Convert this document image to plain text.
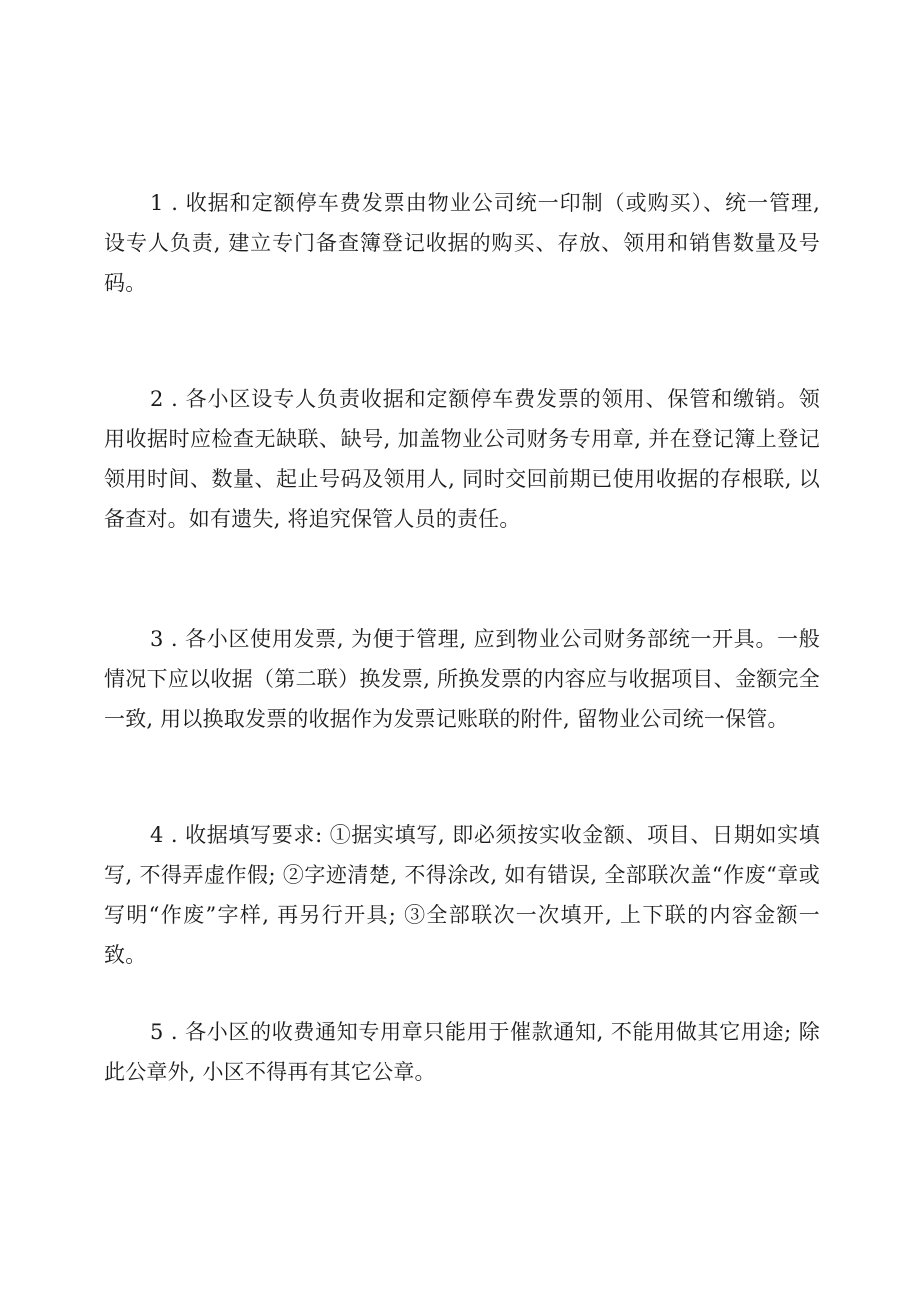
1 . 收据和定额停车费发票由物业公司统一印制（或购买）、统一管理, 设专人负责, 建立专门备查簿登记收据的购买、存放、领用和销售数量及号码。

2 . 各小区设专人负责收据和定额停车费发票的领用、保管和缴销。领用收据时应检查无缺联、缺号, 加盖物业公司财务专用章, 并在登记簿上登记领用时间、数量、起止号码及领用人, 同时交回前期已使用收据的存根联, 以备查对。如有遗失, 将追究保管人员的责任。

3 . 各小区使用发票, 为便于管理, 应到物业公司财务部统一开具。一般情况下应以收据（第二联）换发票, 所换发票的内容应与收据项目、金额完全一致, 用以换取发票的收据作为发票记账联的附件, 留物业公司统一保管。

4 . 收据填写要求: ①据实填写, 即必须按实收金额、项目、日期如实填写, 不得弄虚作假; ②字迹清楚, 不得涂改, 如有错误, 全部联次盖“作废“章或写明“作废”字样, 再另行开具; ③全部联次一次填开, 上下联的内容金额一致。

5 . 各小区的收费通知专用章只能用于催款通知, 不能用做其它用途; 除此公章外, 小区不得再有其它公章。
